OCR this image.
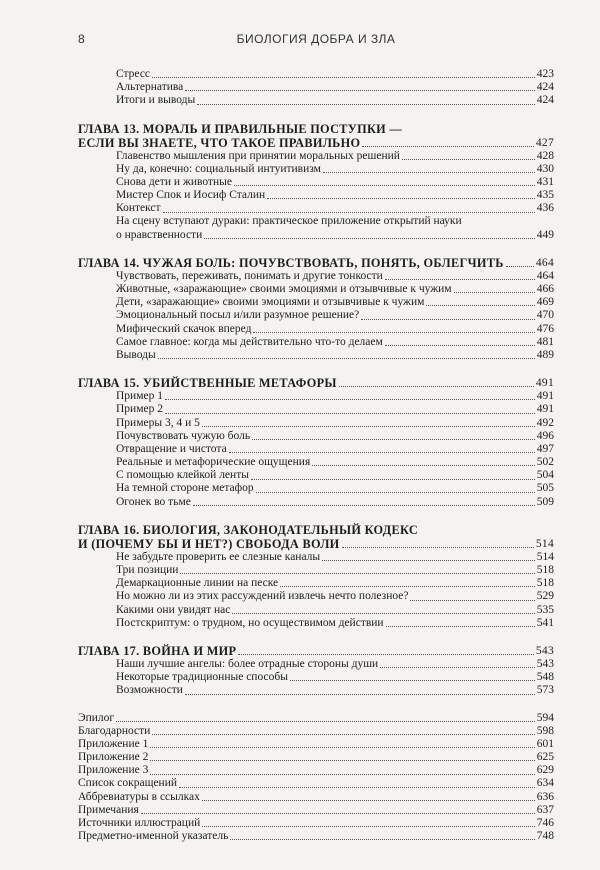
8	БИОЛОГИЯ ДОБРА И ЗЛА
Стресс	423
Альтернатива	424
Итоги и выводы	424
ГЛАВА 13. МОРАЛЬ И ПРАВИЛЬНЫЕ ПОСТУПКИ —
ЕСЛИ ВЫ ЗНАЕТЕ, ЧТО ТАКОЕ ПРАВИЛЬНО	427
Главенство мышления при принятии моральных решений	428
Ну да, конечно: социальный интуитивизм	430
Снова дети и животные	431
Мистер Спок и Иосиф Сталин	435
Контекст	436
На сцену вступают дураки: практическое приложение открытий науки
о нравственности	449
ГЛАВА 14. ЧУЖАЯ БОЛЬ: ПОЧУВСТВОВАТЬ, ПОНЯТЬ, ОБЛЕГЧИТЬ	464
Чувствовать, переживать, понимать и другие тонкости	464
Животные, «заражающие» своими эмоциями и отзывчивые к чужим	466
Дети, «заражающие» своими эмоциями и отзывчивые к чужим	469
Эмоциональный посыл и/или разумное решение?	470
Мифический скачок вперед	476
Самое главное: когда мы действительно что-то делаем	481
Выводы	489
ГЛАВА 15. УБИЙСТВЕННЫЕ МЕТАФОРЫ	491
Пример 1	491
Пример 2	491
Примеры 3, 4 и 5	492
Почувствовать чужую боль	496
Отвращение и чистота	497
Реальные и метафорические ощущения	502
С помощью клейкой ленты	504
На темной стороне метафор	505
Огонек во тьме	509
ГЛАВА 16. БИОЛОГИЯ, ЗАКОНОДАТЕЛЬНЫЙ КОДЕКС
И (ПОЧЕМУ БЫ И НЕТ?) СВОБОДА ВОЛИ	514
Не забудьте проверить ее слезные каналы	514
Три позиции	518
Демаркационные линии на песке	518
Но можно ли из этих рассуждений извлечь нечто полезное?	529
Какими они увидят нас	535
Постскриптум: о трудном, но осуществимом действии	541
ГЛАВА 17. ВОЙНА И МИР	543
Наши лучшие ангелы: более отрадные стороны души	543
Некоторые традиционные способы	548
Возможности	573
Эпилог	594
Благодарности	598
Приложение 1	601
Приложение 2	625
Приложение 3	629
Список сокращений	634
Аббревиатуры в ссылках	636
Примечания	637
Источники иллюстраций	746
Предметно-именной указатель	748
